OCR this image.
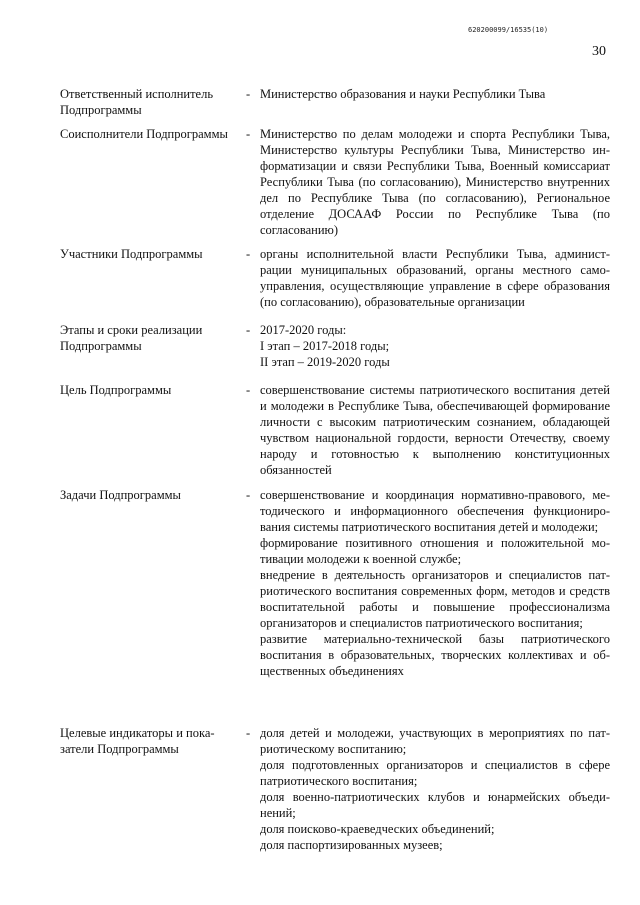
620200099/16535(10)
30
Ответственный исполнитель Подпрограммы
- Министерство образования и науки Республики Тыва
Соисполнители Подпрограммы	- Министерство по делам молодежи и спорта Республики Тыва, Министерство культуры Республики Тыва, Министерство информатизации и связи Республики Тыва, Военный комиссариат Республики Тыва (по согласованию), Министерство внутренних дел по Республике Тыва (по согласованию), Региональное отделение ДОСААФ России по Республике Тыва (по согласованию)
Участники Подпрограммы	- органы исполнительной власти Республики Тыва, администрации муниципальных образований, органы местного самоуправления, осуществляющие управление в сфере образования (по согласованию), образовательные организации
Этапы и сроки реализации Подпрограммы
- 2017-2020 годы:
I этап – 2017-2018 годы;
II этап – 2019-2020 годы
Цель Подпрограммы	- совершенствование системы патриотического воспитания детей и молодежи в Республике Тыва, обеспечивающей формирование личности с высоким патриотическим сознанием, обладающей чувством национальной гордости, верности Отечеству, своему народу и готовностью к выполнению конституционных обязанностей
Задачи Подпрограммы	- совершенствование и координация нормативно-правового, методического и информационного обеспечения функционирования системы патриотического воспитания детей и молодежи;
формирование позитивного отношения и положительной мотивации молодежи к военной службе;
внедрение в деятельность организаторов и специалистов патриотического воспитания современных форм, методов и средств воспитательной работы и повышение профессионализма организаторов и специалистов патриотического воспитания;
развитие материально-технической базы патриотического воспитания в образовательных, творческих коллективах и общественных объединениях
Целевые индикаторы и показатели Подпрограммы
- доля детей и молодежи, участвующих в мероприятиях по патриотическому воспитанию;
доля подготовленных организаторов и специалистов в сфере патриотического воспитания;
доля военно-патриотических клубов и юнармейских объединений;
доля поисково-краеведческих объединений;
доля паспортизированных музеев;
